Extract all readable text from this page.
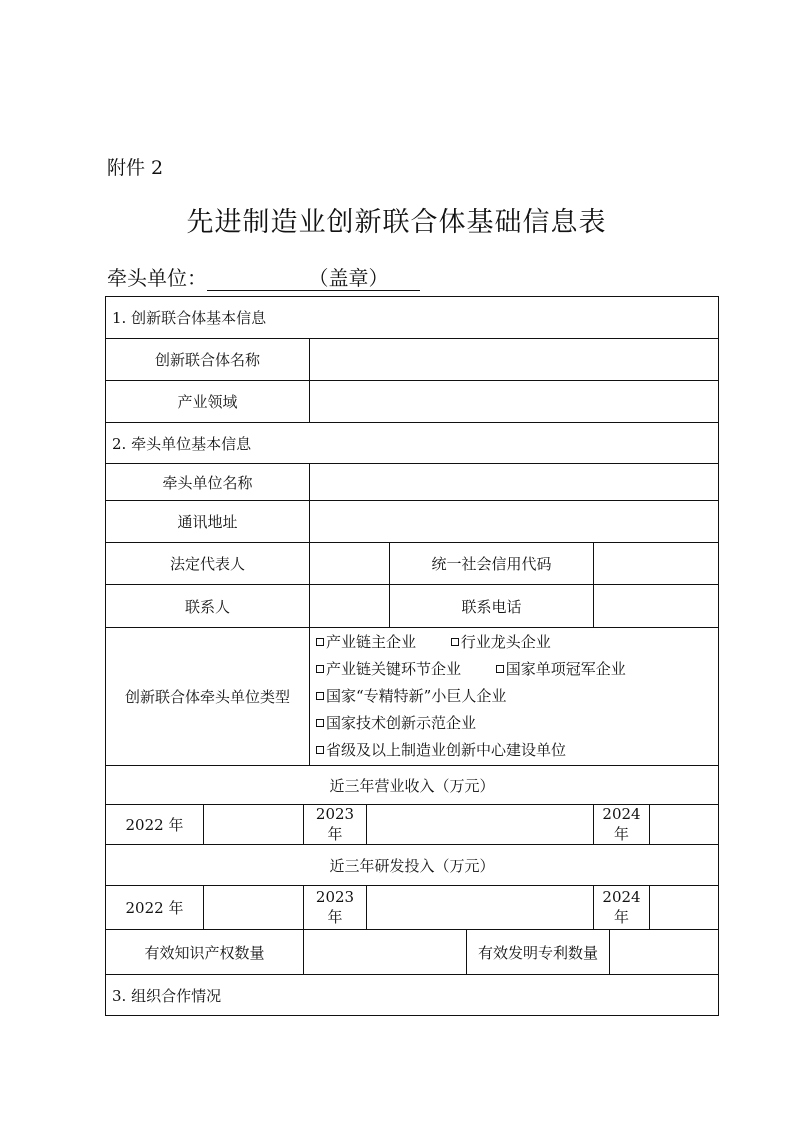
附件 2
先进制造业创新联合体基础信息表
牵头单位：	（盖章）
1. 创新联合体基本信息									
创新联合体名称									
产业领域									
2. 牵头单位基本信息									
牵头单位名称									
通讯地址									
法定代表人					统一社会信用代码				
联系人					联系电话				
创新联合体牵头单位类型			产业链主企业 行业龙头企业
产业链关键环节企业 国家单项冠军企业
国家“专精特新”小巨人企业
国家技术创新示范企业
省级及以上制造业创新中心建设单位						

近三年营业收入（万元）									
2022 年		2023 年					2024 年		
近三年研发投入（万元）									
2022 年		2023 年					2024 年		
有效知识产权数量						有效发明专利数量			
3. 组织合作情况									
